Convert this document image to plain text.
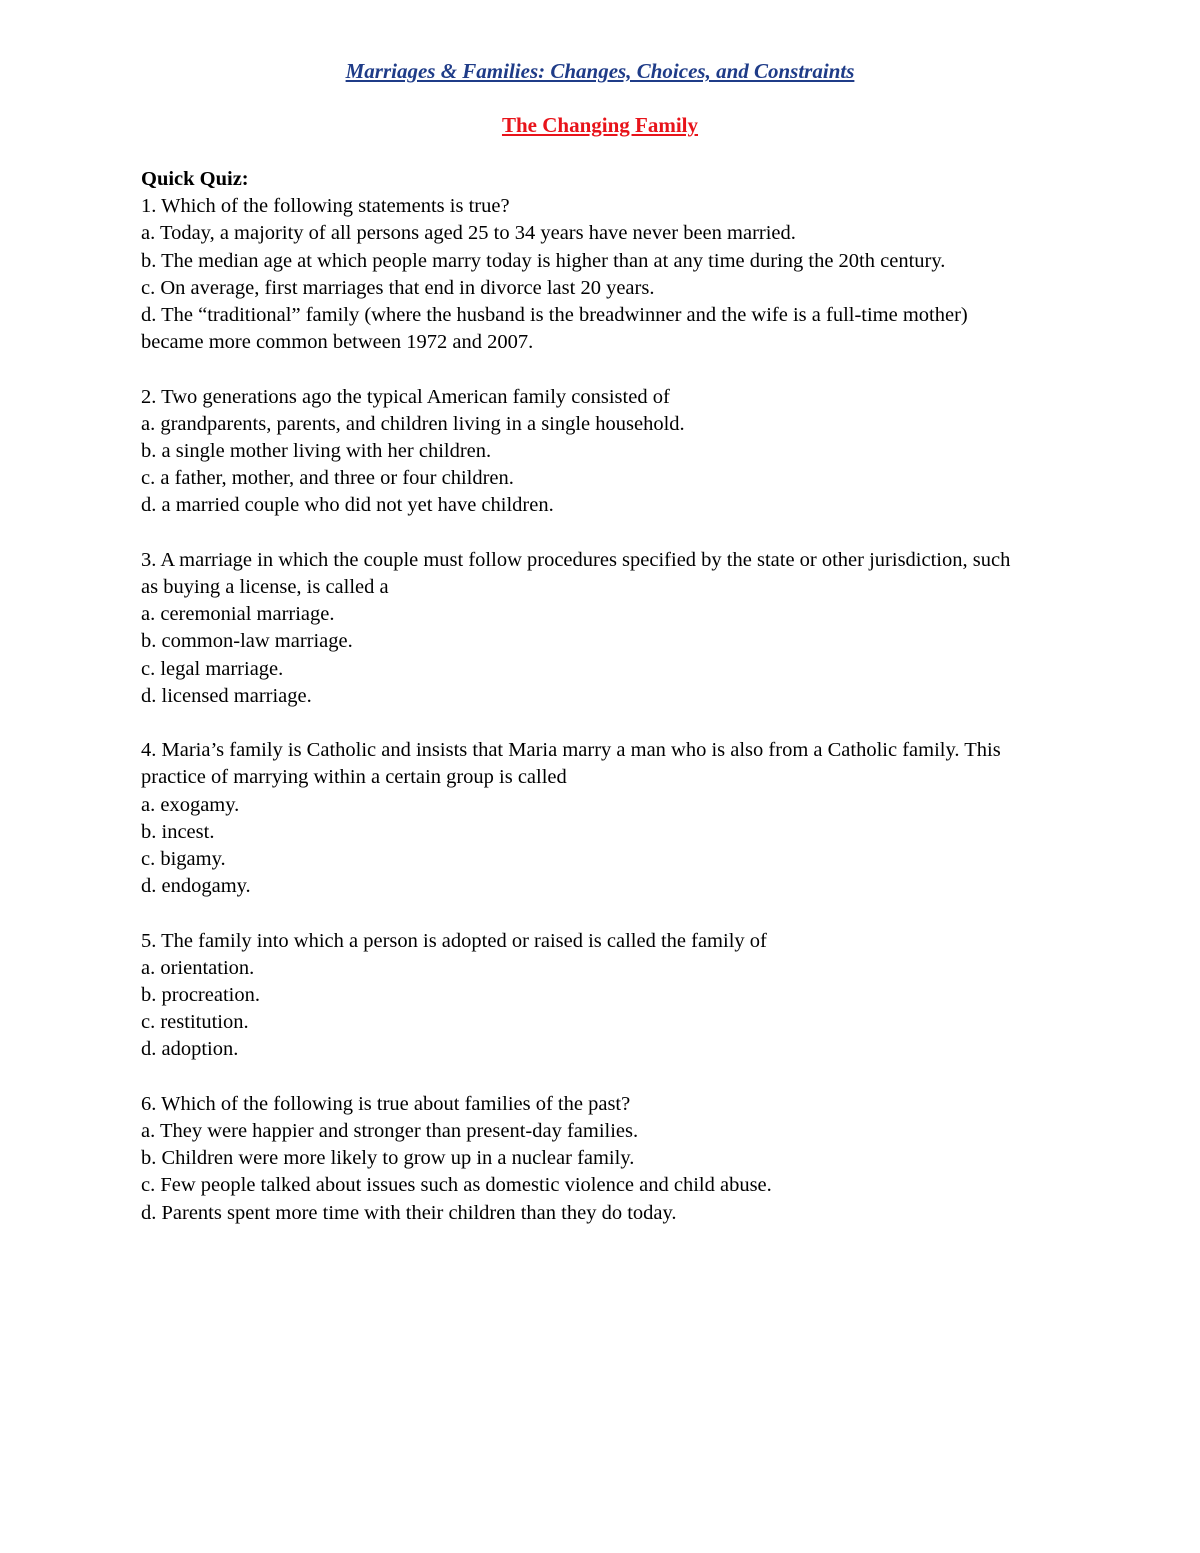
Marriages & Families: Changes, Choices, and Constraints
The Changing Family
Quick Quiz:
1. Which of the following statements is true?
a. Today, a majority of all persons aged 25 to 34 years have never been married.
b. The median age at which people marry today is higher than at any time during the 20th century.
c. On average, first marriages that end in divorce last 20 years.
d. The “traditional” family (where the husband is the breadwinner and the wife is a full-time mother) became more common between 1972 and 2007.
2. Two generations ago the typical American family consisted of
a. grandparents, parents, and children living in a single household.
b. a single mother living with her children.
c. a father, mother, and three or four children.
d. a married couple who did not yet have children.
3. A marriage in which the couple must follow procedures specified by the state or other jurisdiction, such as buying a license, is called a
a. ceremonial marriage.
b. common-law marriage.
c. legal marriage.
d. licensed marriage.
4. Maria’s family is Catholic and insists that Maria marry a man who is also from a Catholic family. This practice of marrying within a certain group is called
a. exogamy.
b. incest.
c. bigamy.
d. endogamy.
5. The family into which a person is adopted or raised is called the family of
a. orientation.
b. procreation.
c. restitution.
d. adoption.
6. Which of the following is true about families of the past?
a. They were happier and stronger than present-day families.
b. Children were more likely to grow up in a nuclear family.
c. Few people talked about issues such as domestic violence and child abuse.
d. Parents spent more time with their children than they do today.
